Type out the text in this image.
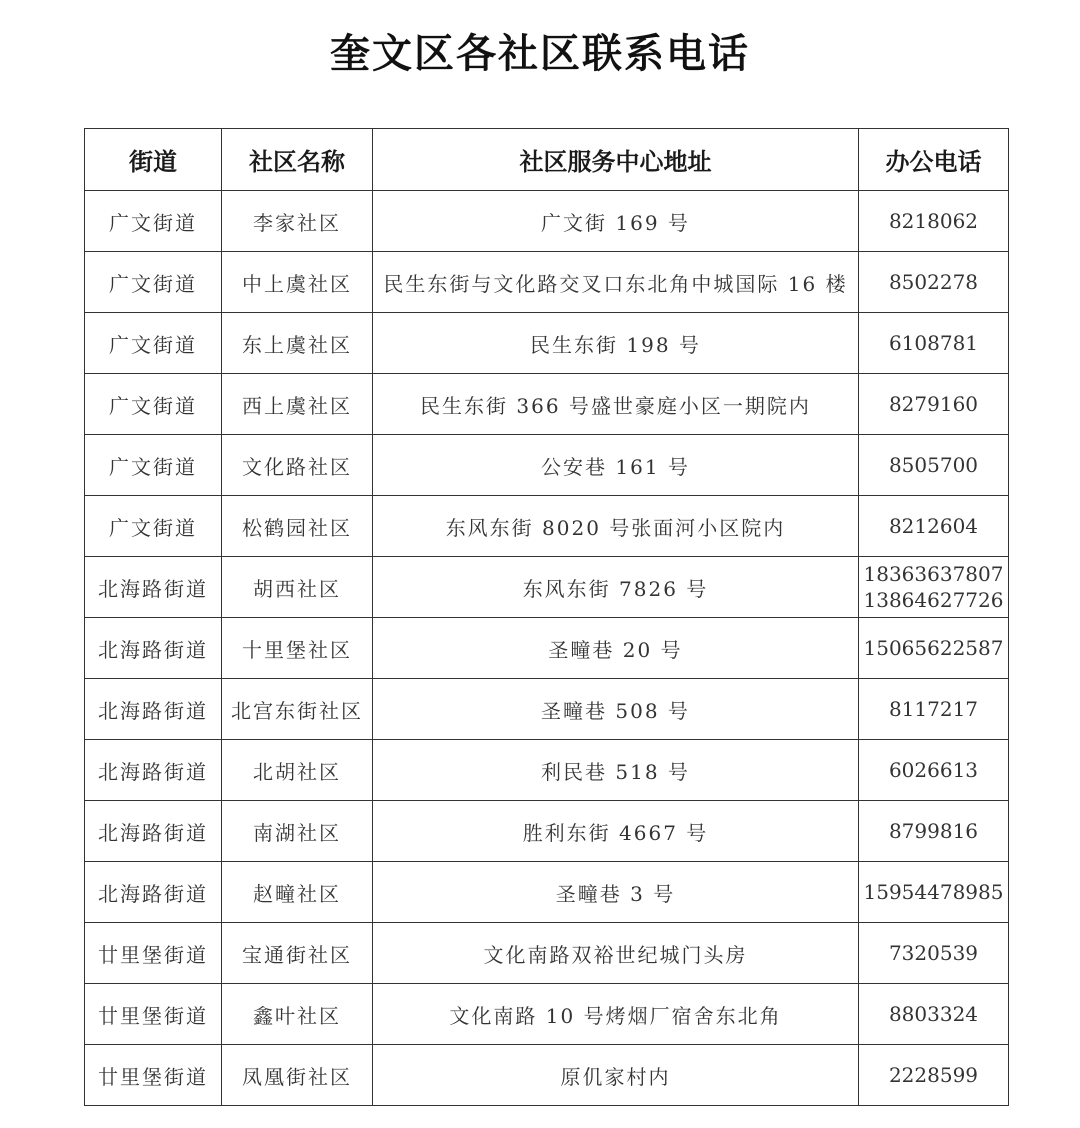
奎文区各社区联系电话
街道	社区名称	社区服务中心地址	办公电话
广文街道	李家社区	广文街 169 号	8218062

广文街道	中上虞社区	民生东街与文化路交叉口东北角中城国际 16 楼	8502278

广文街道	东上虞社区	民生东街 198 号	6108781

广文街道	西上虞社区	民生东街 366 号盛世豪庭小区一期院内	8279160

广文街道	文化路社区	公安巷 161 号	8505700

广文街道	松鹤园社区	东风东街 8020 号张面河小区院内	8212604

北海路街道	胡西社区	东风东街 7826 号	18363637807
13864627726

北海路街道	十里堡社区	圣疃巷 20 号	15065622587

北海路街道	北宫东街社区	圣疃巷 508 号	8117217

北海路街道	北胡社区	利民巷 518 号	6026613

北海路街道	南湖社区	胜利东街 4667 号	8799816

北海路街道	赵疃社区	圣疃巷 3 号	15954478985

廿里堡街道	宝通街社区	文化南路双裕世纪城门头房	7320539

廿里堡街道	鑫叶社区	文化南路 10 号烤烟厂宿舍东北角	8803324

廿里堡街道	凤凰街社区	原仉家村内	2228599
